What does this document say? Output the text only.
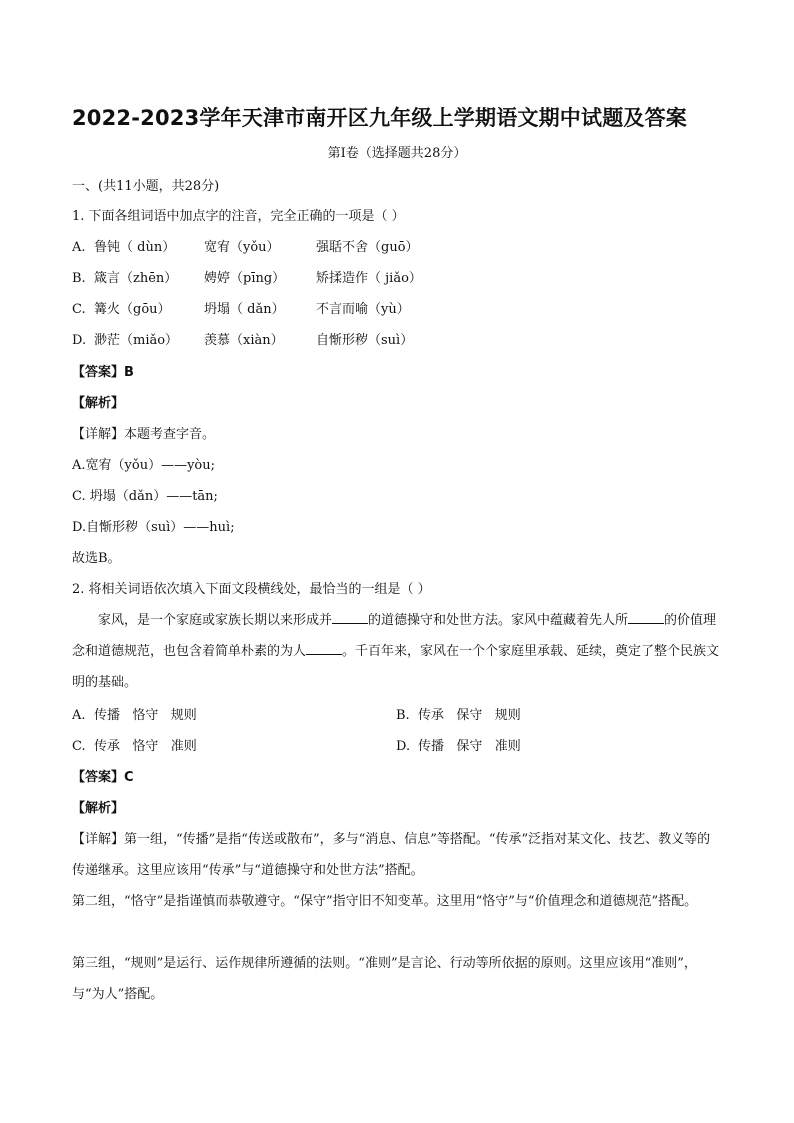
2022-2023学年天津市南开区九年级上学期语文期中试题及答案
第Ⅰ卷（选择题共28分）
一、(共11小题，共28分)
1. 下面各组词语中加点字的注音，完全正确的一项是（ ）
A. 鲁钝（ dùn） 宽宥（yǒu）	强聒不舍（guō）
B. 箴言（zhēn） 娉婷（pīng） 矫揉造作（ jiǎo）
C. 篝火（gōu）	坍塌（ dǎn） 不言而喻（yù）
D. 渺茫（miǎo） 羡慕（xiàn） 自惭形秽（suì）
【答案】B
【解析】
【详解】本题考查字音。
A.宽宥（yǒu）——yòu;
C. 坍塌（dǎn）——tān;
D.自惭形秽（suì）——huì;
故选B。
2. 将相关词语依次填入下面文段横线处，最恰当的一组是（ ）
家风，是一个家庭或家族长期以来形成并	的道德操守和处世方法。家风中蕴藏着先人所	的价值理念和道德规范，也包含着简单朴素的为人	。千百年来，家风在一个个家庭里承载、延续，奠定了整个民族文明的基础。
A. 传播   恪守   规则	B. 传承   保守   规则
C. 传承   恪守   准则	D. 传播   保守   准则
【答案】C
【解析】
【详解】第一组，“传播”是指“传送或散布”，多与“消息、信息”等搭配。“传承”泛指对某文化、技艺、教义等的传递继承。这里应该用“传承”与“道德操守和处世方法”搭配。
第二组，“恪守”是指谨慎而恭敬遵守。“保守”指守旧不知变革。这里用“恪守”与“价值理念和道德规范”搭配。
第三组，“规则”是运行、运作规律所遵循的法则。“准则”是言论、行动等所依据的原则。这里应该用“准则”，与“为人”搭配。
